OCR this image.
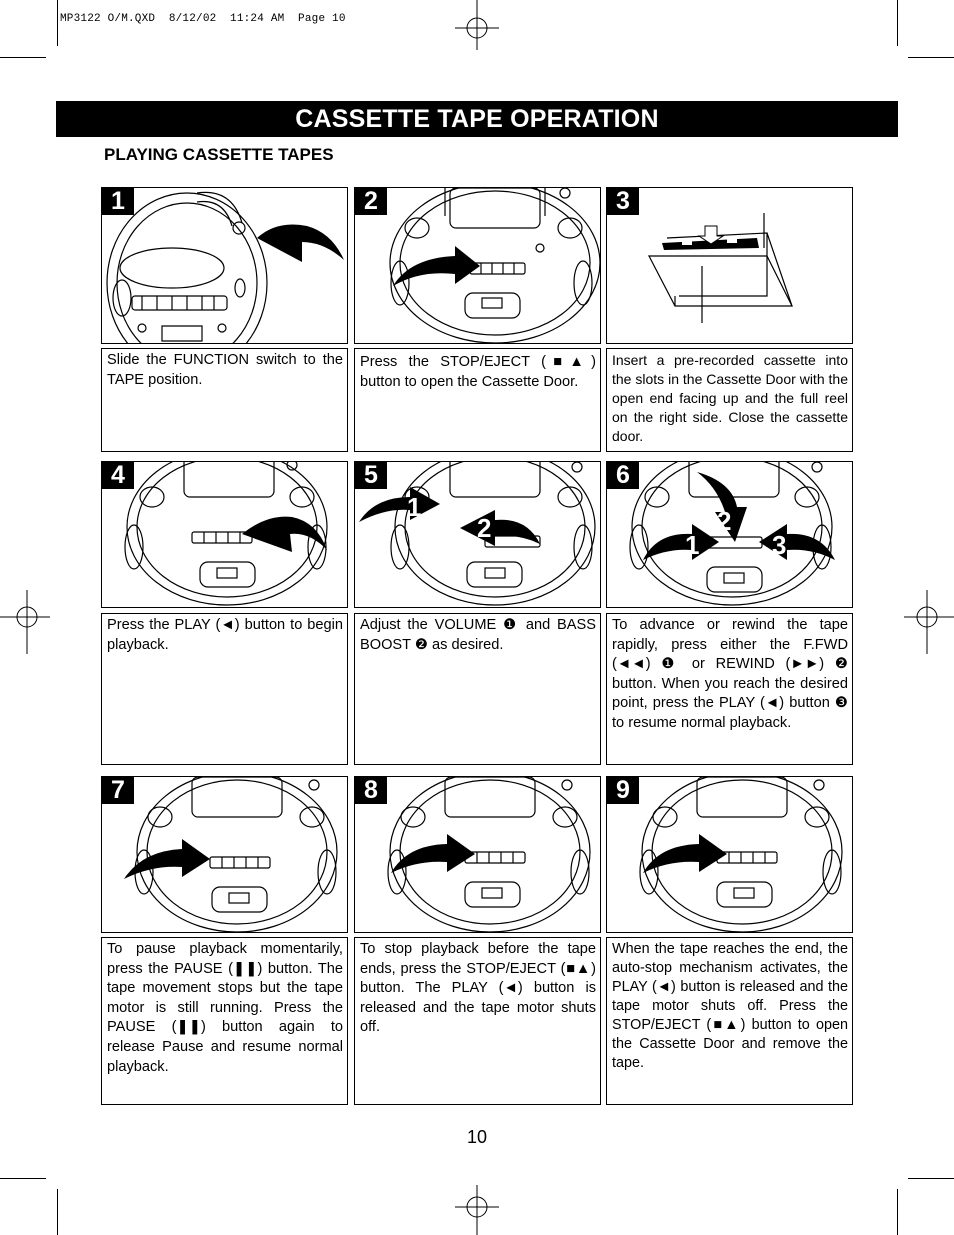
MP3122 O/M.QXD  8/12/02  11:24 AM  Page 10
CASSETTE TAPE OPERATION
PLAYING CASSETTE TAPES
1	2	3
Slide the FUNCTION switch to the TAPE position.
Press the STOP/EJECT (■▲) button to open the Cassette Door.
Insert a pre-recorded cassette into the slots in the Cassette Door with the open end facing up and the full reel on the right side. Close the cassette door.
4	5
1
2
6
1
2
3
Press the PLAY (◄) button to begin playback.
Adjust the VOLUME ❶ and BASS BOOST ❷ as desired.
To advance or rewind the tape rapidly, press either the F.FWD (◄◄) ❶ or REWIND (►►) ❷ button. When you reach the desired point, press the PLAY (◄) button ❸ to resume normal playback.
7	8	9
To pause playback momentarily, press the PAUSE (❚❚) button. The tape movement stops but the tape motor is still running. Press the PAUSE (❚❚) button again to release Pause and resume normal playback.
To stop playback before the tape ends, press the STOP/EJECT (■▲) button. The PLAY (◄) button is released and the tape motor shuts off.
When the tape reaches the end, the auto-stop mechanism activates, the PLAY (◄) button is released and the tape motor shuts off. Press the STOP/EJECT (■▲) button to open the Cassette Door and remove the tape.
10
